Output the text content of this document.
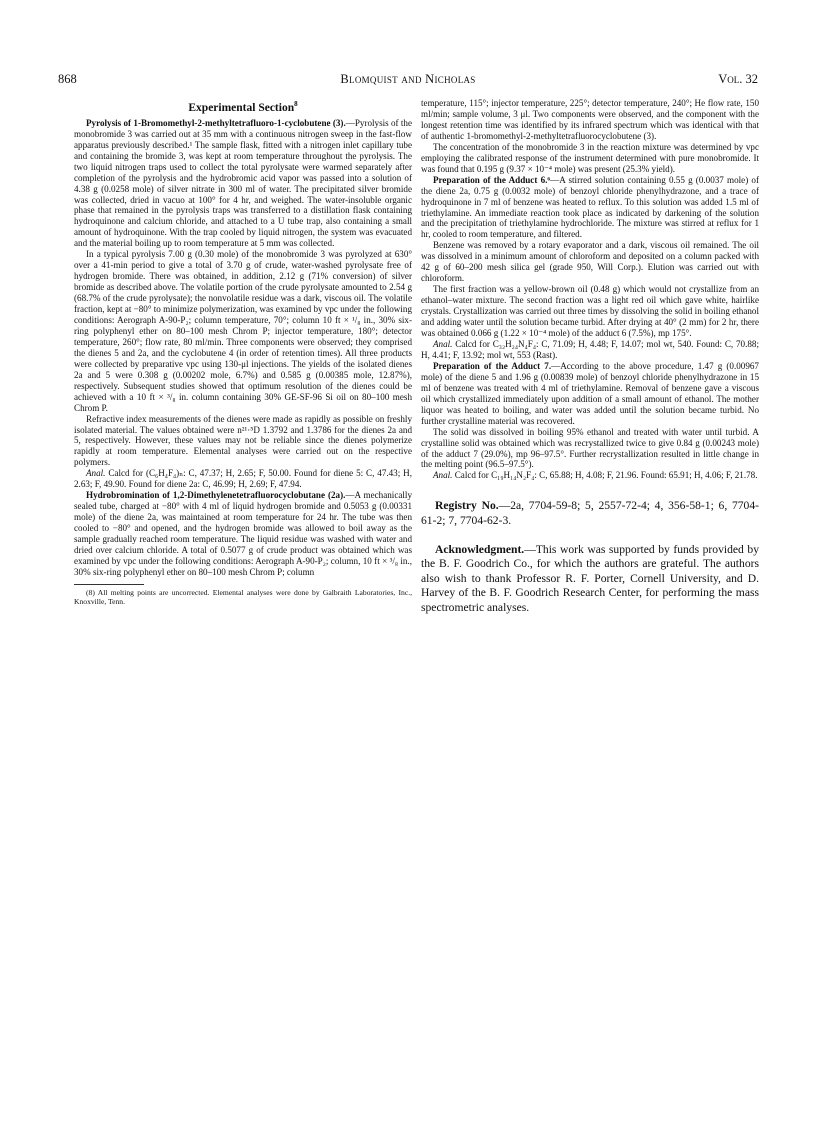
868	Blomquist and Nicholas	Vol. 32
Experimental Section$^8$

Pyrolysis of 1-Bromomethyl-2-methyltetrafluoro-1-cyclobutene (3).—Pyrolysis of the monobromide 3 was carried out at 35 mm with a continuous nitrogen sweep in the fast-flow apparatus previously described.¹ The sample flask, fitted with a nitrogen inlet capillary tube and containing the bromide 3, was kept at room temperature throughout the pyrolysis. The two liquid nitrogen traps used to collect the total pyrolysate were warmed separately after completion of the pyrolysis and the hydrobromic acid vapor was passed into a solution of 4.38 g (0.0258 mole) of silver nitrate in 300 ml of water. The precipitated silver bromide was collected, dried in vacuo at 100° for 4 hr, and weighed. The water-insoluble organic phase that remained in the pyrolysis traps was transferred to a distillation flask containing hydroquinone and calcium chloride, and attached to a U tube trap, also containing a small amount of hydroquinone. With the trap cooled by liquid nitrogen, the system was evacuated and the material boiling up to room temperature at 5 mm was collected.

In a typical pyrolysis 7.00 g (0.30 mole) of the monobromide 3 was pyrolyzed at 630° over a 41-min period to give a total of 3.70 g of crude, water-washed pyrolysate free of hydrogen bromide. There was obtained, in addition, 2.12 g (71% conversion) of silver bromide as described above. The volatile portion of the crude pyrolysate amounted to 2.54 g (68.7% of the crude pyrolysate); the nonvolatile residue was a dark, viscous oil. The volatile fraction, kept at −80° to minimize polymerization, was examined by vpc under the following conditions: Aerograph A-90-P₂; column temperature, 70°; column 10 ft × ¹/₈ in., 30% six-ring polyphenyl ether on 80–100 mesh Chrom P; injector temperature, 180°; detector temperature, 260°; flow rate, 80 ml/min. Three components were observed; they comprised the dienes 5 and 2a, and the cyclobutene 4 (in order of retention times). All three products were collected by preparative vpc using 130-μl injections. The yields of the isolated dienes 2a and 5 were 0.308 g (0.00202 mole, 6.7%) and 0.585 g (0.00385 mole, 12.87%), respectively. Subsequent studies showed that optimum resolution of the dienes could be achieved with a 10 ft × ³/₈ in. column containing 30% GE-SF-96 Si oil on 80–100 mesh Chrom P.

Refractive index measurements of the dienes were made as rapidly as possible on freshly isolated material. The values obtained were n²¹·⁵D 1.3792 and 1.3786 for the dienes 2a and 5, respectively. However, these values may not be reliable since the dienes polymerize rapidly at room temperature. Elemental analyses were carried out on the respective polymers.

Anal. Calcd for (C₆H₄F₄)ₙ: C, 47.37; H, 2.65; F, 50.00. Found for diene 5: C, 47.43; H, 2.63; F, 49.90. Found for diene 2a: C, 46.99; H, 2.69; F, 47.94.

Hydrobromination of 1,2-Dimethylenetetrafluorocyclobutane (2a).—A mechanically sealed tube, charged at −80° with 4 ml of liquid hydrogen bromide and 0.5053 g (0.00331 mole) of the diene 2a, was maintained at room temperature for 24 hr. The tube was then cooled to −80° and opened, and the hydrogen bromide was allowed to boil away as the sample gradually reached room temperature. The liquid residue was washed with water and dried over calcium chloride. A total of 0.5077 g of crude product was obtained which was examined by vpc under the following conditions: Aerograph A-90-P₂; column, 10 ft × ³/₈ in., 30% six-ring polyphenyl ether on 80–100 mesh Chrom P; column

(8) All melting points are uncorrected. Elemental analyses were done by Galbraith Laboratories, Inc., Knoxville, Tenn.

temperature, 115°; injector temperature, 225°; detector temperature, 240°; He flow rate, 150 ml/min; sample volume, 3 μl. Two components were observed, and the component with the longest retention time was identified by its infrared spectrum which was identical with that of authentic 1-bromomethyl-2-methyltetrafluorocyclobutene (3).

The concentration of the monobromide 3 in the reaction mixture was determined by vpc employing the calibrated response of the instrument determined with pure monobromide. It was found that 0.195 g (9.37 × 10⁻⁴ mole) was present (25.3% yield).

Preparation of the Adduct 6.⁶—A stirred solution containing 0.55 g (0.0037 mole) of the diene 2a, 0.75 g (0.0032 mole) of benzoyl chloride phenylhydrazone, and a trace of hydroquinone in 7 ml of benzene was heated to reflux. To this solution was added 1.5 ml of triethylamine. An immediate reaction took place as indicated by darkening of the solution and the precipitation of triethylamine hydrochloride. The mixture was stirred at reflux for 1 hr, cooled to room temperature, and filtered.

Benzene was removed by a rotary evaporator and a dark, viscous oil remained. The oil was dissolved in a minimum amount of chloroform and deposited on a column packed with 42 g of 60–200 mesh silica gel (grade 950, Will Corp.). Elution was carried out with chloroform.

The first fraction was a yellow-brown oil (0.48 g) which would not crystallize from an ethanol–water mixture. The second fraction was a light red oil which gave white, hairlike crystals. Crystallization was carried out three times by dissolving the solid in boiling ethanol and adding water until the solution became turbid. After drying at 40° (2 mm) for 2 hr, there was obtained 0.066 g (1.22 × 10⁻⁴ mole) of the adduct 6 (7.5%), mp 175°.

Anal. Calcd for C₃₂H₂₄N₄F₄: C, 71.09; H, 4.48; F, 14.07; mol wt, 540. Found: C, 70.88; H, 4.41; F, 13.92; mol wt, 553 (Rast).

Preparation of the Adduct 7.—According to the above procedure, 1.47 g (0.00967 mole) of the diene 5 and 1.96 g (0.00839 mole) of benzoyl chloride phenylhydrazone in 15 ml of benzene was treated with 4 ml of triethylamine. Removal of benzene gave a viscous oil which crystallized immediately upon addition of a small amount of ethanol. The mother liquor was heated to boiling, and water was added until the solution became turbid. No further crystalline material was recovered.

The solid was dissolved in boiling 95% ethanol and treated with water until turbid. A crystalline solid was obtained which was recrystallized twice to give 0.84 g (0.00243 mole) of the adduct 7 (29.0%), mp 96–97.5°. Further recrystallization resulted in little change in the melting point (96.5–97.5°).

Anal. Calcd for C₁₉H₁₄N₂F₄: C, 65.88; H, 4.08; F, 21.96. Found: 65.91; H, 4.06; F, 21.78.

Registry No.—2a, 7704-59-8; 5, 2557-72-4; 4, 356-58-1; 6, 7704-61-2; 7, 7704-62-3.

Acknowledgment.—This work was supported by funds provided by the B. F. Goodrich Co., for which the authors are grateful. The authors also wish to thank Professor R. F. Porter, Cornell University, and D. Harvey of the B. F. Goodrich Research Center, for performing the mass spectrometric analyses.
